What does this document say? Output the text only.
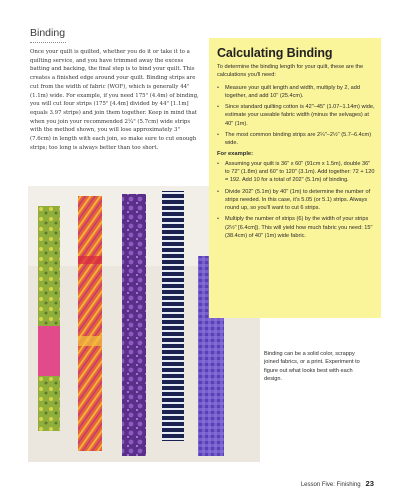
Binding

Once your quilt is quilted, whether you do it or take it to a quilting service, and you have trimmed away the excess batting and backing, the final step is to bind your quilt. This creates a finished edge around your quilt. Binding strips are cut from the width of fabric (WOF), which is generally 44" (1.1m) wide. For example, if you need 175" (4.4m) of binding, you will cut four strips (175" [4.4m] divided by 44" [1.1m] equals 3.97 strips) and join them together. Keep in mind that when you join your recommended 2¼" (5.7cm) wide strips with the method shown, you will lose approximately 3" (7.6cm) in length with each join, so make sure to cut enough strips; too long is always better than too short.

Calculating Binding

To determine the binding length for your quilt, these are the calculations you'll need:

• Measure your quilt length and width, multiply by 2, add together, and add 10" (25.4cm).
• Since standard quilting cotton is 42"–45" (1.07–1.14m) wide, estimate your useable fabric width (minus the selvages) at 40" (1m).
• The most common binding strips are 2¼"–2½" (5.7–6.4cm) wide.

For example:

• Assuming your quilt is 36" x 60" (91cm x 1.5m), double 36" to 72" (1.8m) and 60" to 120" (3.1m). Add together: 72 + 120 = 192. Add 10 for a total of 202" (5.1m) of binding.
• Divide 202" (5.1m) by 40" (1m) to determine the number of strips needed. In this case, it's 5.05 (or 5.1) strips. Always round up, so you'll want to cut 6 strips.
• Multiply the number of strips (6) by the width of your strips (2½" [6.4cm]). This will yield how much fabric you need: 15" (38.4cm) of 40" (1m) wide fabric.

Binding can be a solid color, scrappy joined fabrics, or a print. Experiment to figure out what looks best with each design.

Lesson Five: Finishing 23
